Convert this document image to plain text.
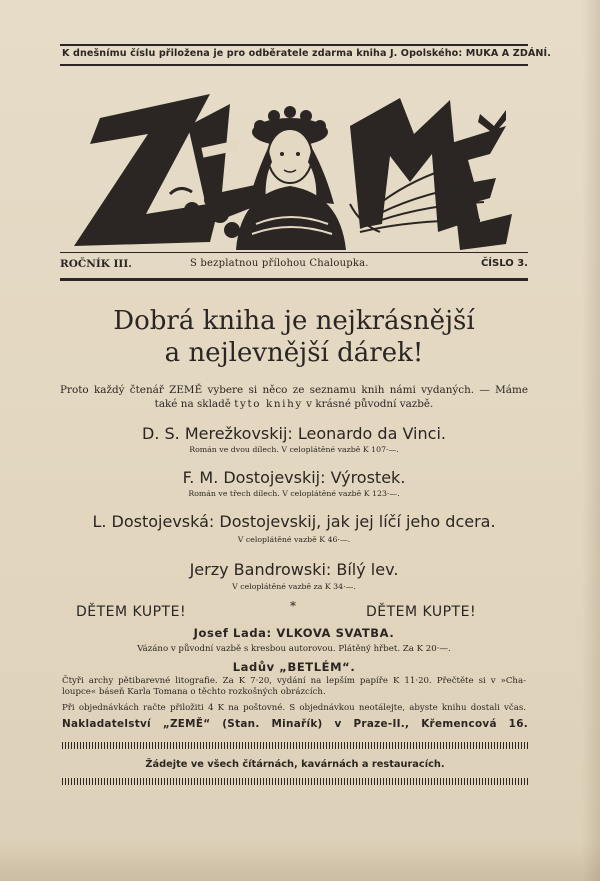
K dnešnímu číslu přiložena je pro odběratele zdarma kniha J. Opolského: MUKA A ZDÁNÍ.
ROČNÍK III.	S bezplatnou přílohou Chaloupka.	ČÍSLO 3.
Dobrá kniha je nejkrásnější
a nejlevnější dárek!
Proto každý čtenář ZEMĚ vybere si něco ze seznamu knih námi vydaných. — Máme
také na skladě tyto knihy v krásné původní vazbě.
D. S. Merežkovskij: Leonardo da Vinci.
Román ve dvou dílech. V celoplátěné vazbě K 107·—.
F. M. Dostojevskij: Výrostek.
Román ve třech dílech. V celoplátěné vazbě K 123·—.
L. Dostojevská: Dostojevskij, jak jej líčí jeho dcera.
V celoplátěné vazbě K 46·—.
Jerzy Bandrowski: Bílý lev.
V celoplátěné vazbě za K 34·—.
DĚTEM KUPTE!	*	DĚTEM KUPTE!
Josef Lada: VLKOVA SVATBA.
Vázáno v původní vazbě s kresbou autorovou. Plátěný hřbet. Za K 20·—.
Ladův „BETLÉM“.
Čtyři archy pětibarevné litografie. Za K 7·20, vydání na lepším papíře K 11·20. Přečtěte si v »Cha-
loupce« báseň Karla Tomana o těchto rozkošných obrázcích.
Při objednávkách račte přiložiti 4 K na poštovné. S objednávkou neotálejte, abyste knihu dostali včas.
Nakladatelství „ZEMĚ“ (Stan. Minařík) v Praze-II., Křemencová 16.
Žádejte ve všech čítárnách, kavárnách a restauracích.
